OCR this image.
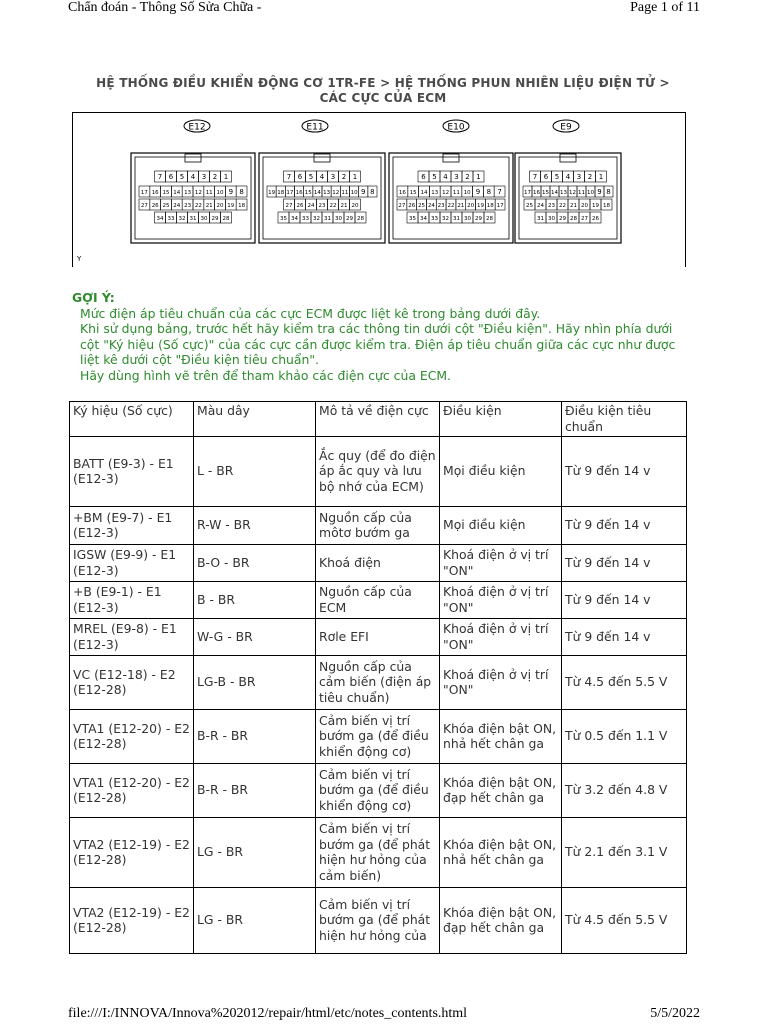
Chẩn đoán - Thông Số Sửa Chữa -	Page 1 of 11
HỆ THỐNG ĐIỀU KHIỂN ĐỘNG CƠ 1TR-FE > HỆ THỐNG PHUN NHIÊN LIỆU ĐIỆN TỬ >
CÁC CỰC CỦA ECM
E12	E11	E10	E9
7 6 5 4 3 2 1
17 16 15 14 13 12 11 10 9 8
27 26 25 24 23 22 21 20 19 18
34 33 32 31 30 29 28
7 6 5 4 3 2 1
19 18 17 16 15 14 13 12 11 10 9 8
27 26 24 23 22 21 20
35 34 33 32 31 30 29 28
6 5 4 3 2 1
16 15 14 13 12 11 10 9 8 7
27 26 25 24 23 22 21 20 19 18 17
35 34 33 32 31 30 29 28
7 6 5 4 3 2 1
17 16 15 14 13 12 11 10 9 8
25 24 23 22 21 20 19 18
31 30 29 28 27 26
Y
GỢI Ý:

Mức điện áp tiêu chuẩn của các cực ECM được liệt kê trong bảng dưới đây.

Khi sử dụng bảng, trước hết hãy kiểm tra các thông tin dưới cột "Điều kiện". Hãy nhìn phía dưới cột "Ký hiệu (Số cực)" của các cực cần được kiểm tra. Điện áp tiêu chuẩn giữa các cực như được liệt kê dưới cột "Điều kiện tiêu chuẩn".

Hãy dùng hình vẽ trên để tham khảo các điện cực của ECM.

Ký hiệu (Số cực)	Màu dây	Mô tả về điện cực	Điều kiện	Điều kiện tiêu chuẩn
BATT (E9-3) - E1 (E12-3)	L - BR	Ắc quy (để đo điện áp ắc quy và lưu bộ nhớ của ECM)	Mọi điều kiện	Từ 9 đến 14 v
+BM (E9-7) - E1 (E12-3)	R-W - BR	Nguồn cấp của môtơ bướm ga	Mọi điều kiện	Từ 9 đến 14 v
IGSW (E9-9) - E1 (E12-3)	B-O - BR	Khoá điện	Khoá điện ở vị trí "ON"	Từ 9 đến 14 v
+B (E9-1) - E1 (E12-3)	B - BR	Nguồn cấp của ECM	Khoá điện ở vị trí "ON"	Từ 9 đến 14 v
MREL (E9-8) - E1 (E12-3)	W-G - BR	Rơle EFI	Khoá điện ở vị trí "ON"	Từ 9 đến 14 v
VC (E12-18) - E2 (E12-28)	LG-B - BR	Nguồn cấp của cảm biến (điện áp tiêu chuẩn)	Khoá điện ở vị trí "ON"	Từ 4.5 đến 5.5 V
VTA1 (E12-20) - E2 (E12-28)	B-R - BR	Cảm biến vị trí bướm ga (để điều khiển động cơ)	Khóa điện bật ON, nhả hết chân ga	Từ 0.5 đến 1.1 V
VTA1 (E12-20) - E2 (E12-28)	B-R - BR	Cảm biến vị trí bướm ga (để điều khiển động cơ)	Khóa điện bật ON, đạp hết chân ga	Từ 3.2 đến 4.8 V
VTA2 (E12-19) - E2 (E12-28)	LG - BR	Cảm biến vị trí bướm ga (để phát hiện hư hỏng của cảm biến)	Khóa điện bật ON, nhả hết chân ga	Từ 2.1 đến 3.1 V
VTA2 (E12-19) - E2 (E12-28)	LG - BR	Cảm biến vị trí bướm ga (để phát hiện hư hỏng của	Khóa điện bật ON, đạp hết chân ga	Từ 4.5 đến 5.5 V
file:///I:/INNOVA/Innova%202012/repair/html/etc/notes_contents.html	5/5/2022
